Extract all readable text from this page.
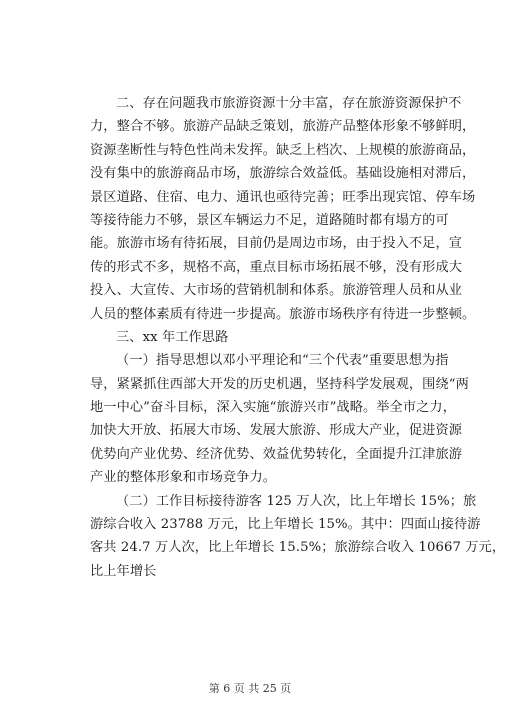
二、存在问题我市旅游资源十分丰富，存在旅游资源保护不
力，整合不够。旅游产品缺乏策划，旅游产品整体形象不够鲜明，
资源垄断性与特色性尚未发挥。缺乏上档次、上规模的旅游商品，
没有集中的旅游商品市场，旅游综合效益低。基础设施相对滞后，
景区道路、住宿、电力、通讯也亟待完善；旺季出现宾馆、停车场
等接待能力不够，景区车辆运力不足，道路随时都有塌方的可
能。旅游市场有待拓展，目前仍是周边市场，由于投入不足，宣
传的形式不多，规格不高，重点目标市场拓展不够，没有形成大
投入、大宣传、大市场的营销机制和体系。旅游管理人员和从业
人员的整体素质有待进一步提高。旅游市场秩序有待进一步整顿。
三、xx 年工作思路
（一）指导思想以邓小平理论和“三个代表”重要思想为指
导，紧紧抓住西部大开发的历史机遇，坚持科学发展观，围绕“两
地一中心”奋斗目标，深入实施“旅游兴市”战略。举全市之力，
加快大开放、拓展大市场、发展大旅游、形成大产业，促进资源
优势向产业优势、经济优势、效益优势转化，全面提升江津旅游
产业的整体形象和市场竞争力。
（二）工作目标接待游客 125 万人次，比上年增长 15%；旅
游综合收入 23788 万元，比上年增长 15%。其中：四面山接待游
客共 24.7 万人次，比上年增长 15.5%；旅游综合收入 10667 万元，
比上年增长
第 6 页 共 25 页
